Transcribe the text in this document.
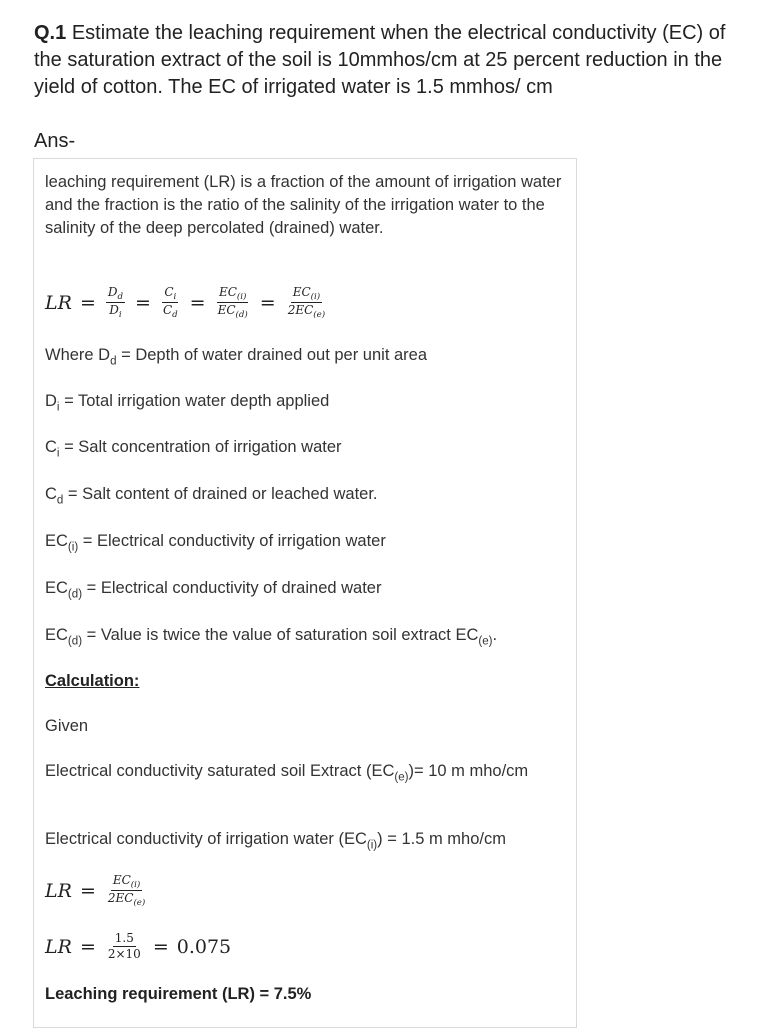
Q.1 Estimate the leaching requirement when the electrical conductivity (EC) of the saturation extract of the soil is 10mmhos/cm at 25 percent reduction in the yield of cotton. The EC of irrigated water is 1.5 mmhos/ cm
Ans-

leaching requirement (LR) is a fraction of the amount of irrigation water and the fraction is the ratio of the salinity of the irrigation water to the salinity of the deep percolated (drained) water.

LR = $\frac{D_d}{D_i} = \frac{C_i}{C_d} = \frac{EC_{(i)}}{EC_{(d)}} = \frac{EC_{(i)}}{2EC_{(e)}}$

Where $D_d$ = Depth of water drained out per unit area

$D_i$ = Total irrigation water depth applied

$C_i$ = Salt concentration of irrigation water

$C_d$ = Salt content of drained or leached water.

$EC_{(i)}$ = Electrical conductivity of irrigation water

$EC_{(d)}$ = Electrical conductivity of drained water

$EC_{(d)}$ = Value is twice the value of saturation soil extract $EC_{(e)}$.

Calculation:

Given

Electrical conductivity saturated soil Extract $(EC_{(e)})= 10$ m mho/cm

Electrical conductivity of irrigation water $(EC_{(i)}) = 1.5$ m mho/cm

LR = $\frac{EC_{(i)}}{2EC_{(e)}}$
LR = $\frac{1.5}{2\times 10} = 0.075$

Leaching requirement (LR) = 7.5%
